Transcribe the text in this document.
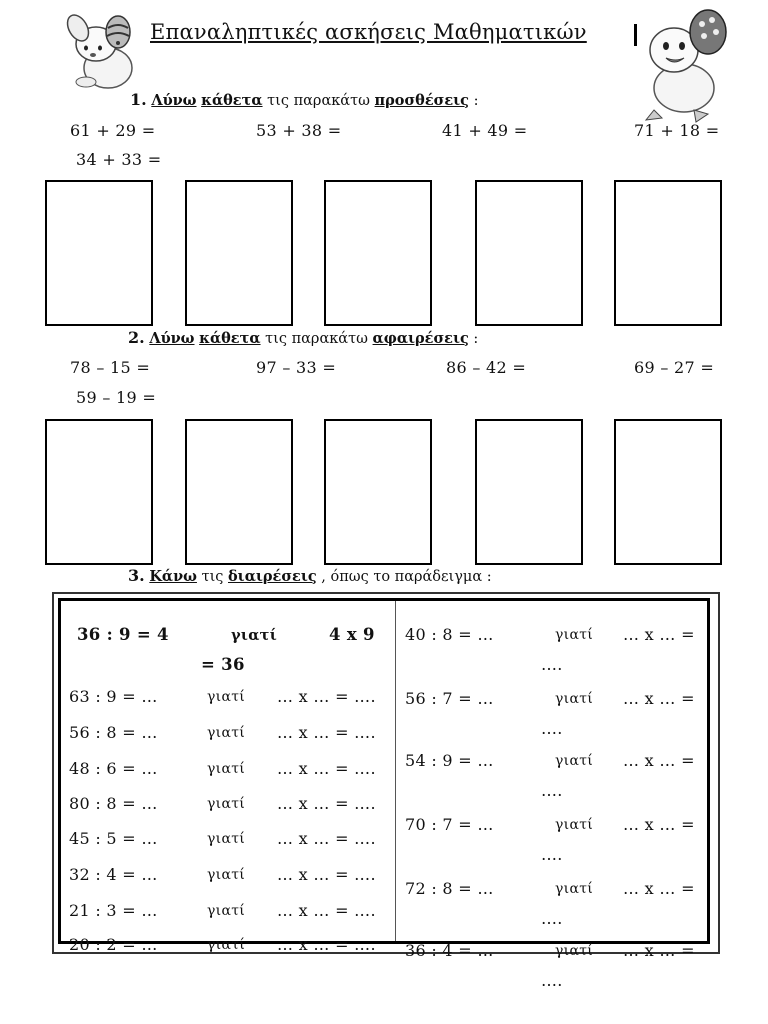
Επαναληπτικές ασκήσεις Μαθηματικών
1. Λύνω κάθετα τις παρακάτω προσθέσεις :
61 + 29 =	53 + 38 =	41 + 49 =	71 + 18 =
34 + 33 =
2. Λύνω κάθετα τις παρακάτω αφαιρέσεις :
78 – 15 =	97 – 33 =	86 – 42 =	69 – 27 =
59 – 19 =
3. Κάνω τις διαιρέσεις , όπως το παράδειγμα :
36 : 9 = 4	γιατί	4 x 9
= 36
63 : 9 = …	γιατί … x … = ….
56 : 8 = …	γιατί … x … = ….
48 : 6 = …	γιατί … x … = ….
80 : 8 = …	γιατί … x … = ….
45 : 5 = …	γιατί … x … = ….
32 : 4 = …	γιατί … x … = ….
21 : 3 = …	γιατί … x … = ….
20 : 2 = …	γιατί … x … = ….
40 : 8 = …	γιατί … x … =
….
56 : 7 = …	γιατί … x … =
….
54 : 9 = …	γιατί … x … =
….
70 : 7 = …	γιατί … x … =
….
72 : 8 = …	γιατί … x … =
….
36 : 4 = …	γιατί … x … =
….
